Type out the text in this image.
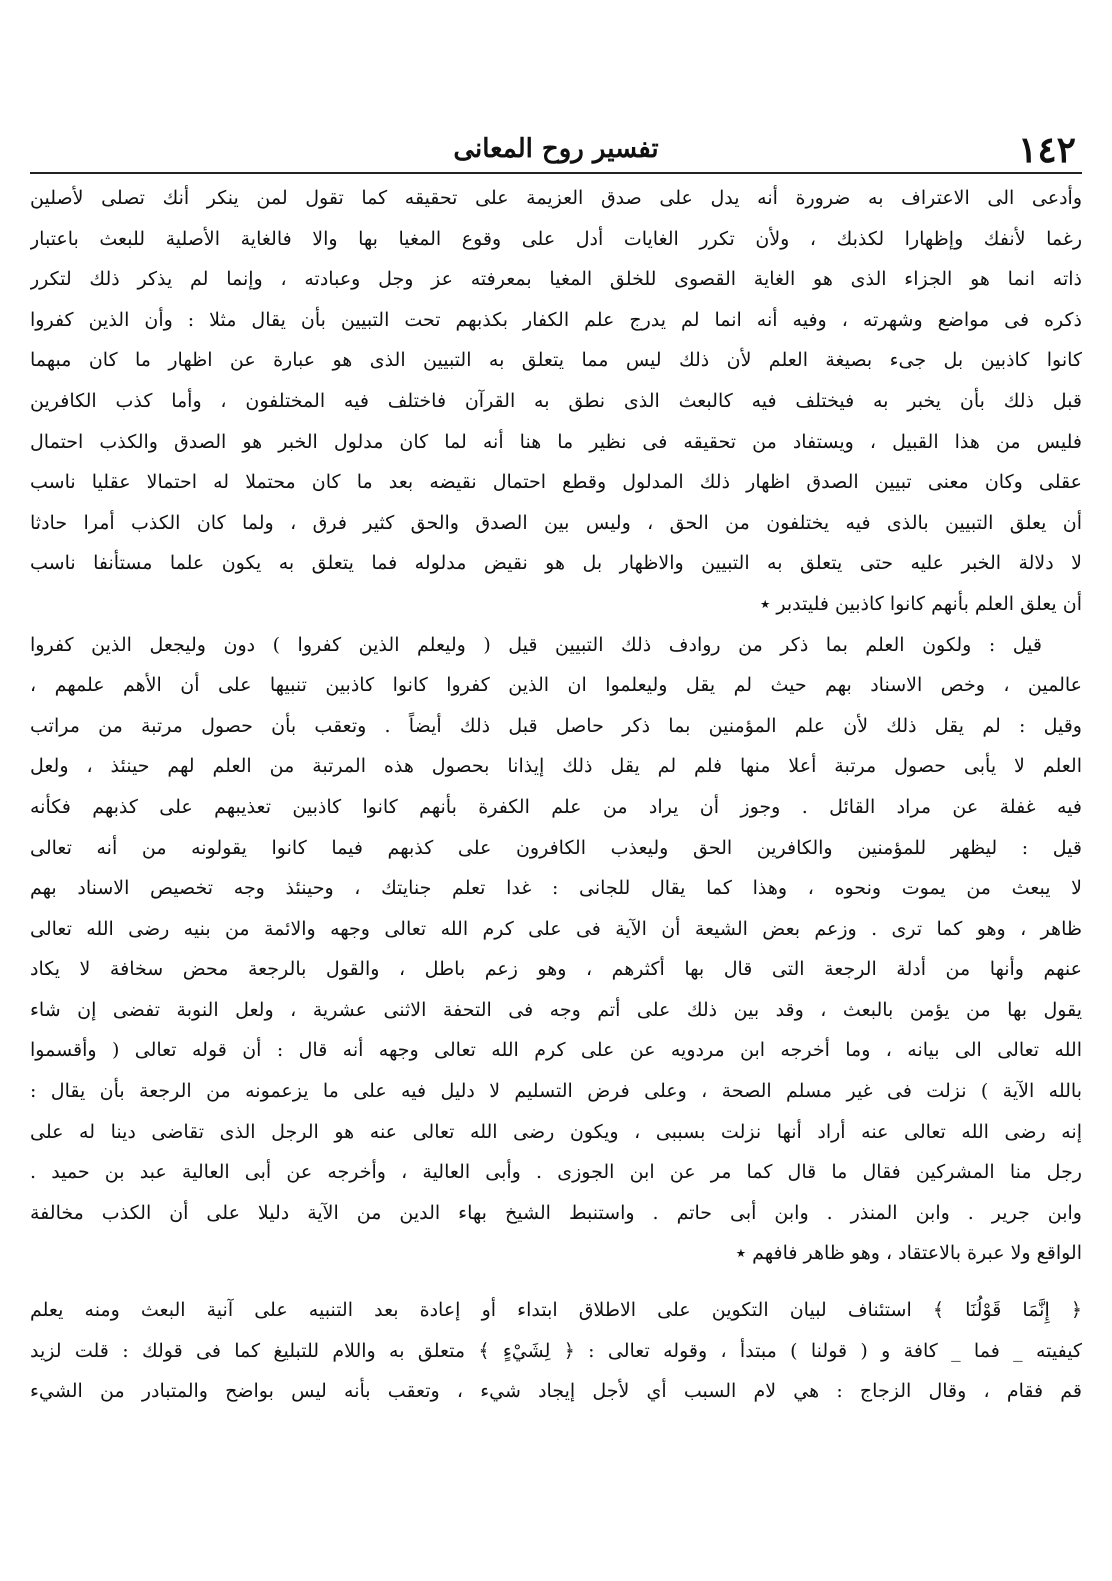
١٤٢
تفسير روح المعانى
وأدعى الى الاعتراف به ضرورة أنه يدل على صدق العزيمة على تحقيقه كما تقول لمن ينكر أنك تصلى لأصلين
رغما لأنفك وإظهارا لكذبك ، ولأن تكرر الغايات أدل على وقوع المغيا بها والا فالغاية الأصلية للبعث باعتبار
ذاته انما هو الجزاء الذى هو الغاية القصوى للخلق المغيا بمعرفته عز وجل وعبادته ، وإنما لم يذكر ذلك لتكرر
ذكره فى مواضع وشهرته ، وفيه أنه انما لم يدرج علم الكفار بكذبهم تحت التبيين بأن يقال مثلا : وأن الذين كفروا
كانوا كاذبين بل جىء بصيغة العلم لأن ذلك ليس مما يتعلق به التبيين الذى هو عبارة عن اظهار ما كان مبهما
قبل ذلك بأن يخبر به فيختلف فيه كالبعث الذى نطق به القرآن فاختلف فيه المختلفون ، وأما كذب الكافرين
فليس من هذا القبيل ، ويستفاد من تحقيقه فى نظير ما هنا أنه لما كان مدلول الخبر هو الصدق والكذب احتمال
عقلى وكان معنى تبيين الصدق اظهار ذلك المدلول وقطع احتمال نقيضه بعد ما كان محتملا له احتمالا عقليا ناسب
أن يعلق التبيين بالذى فيه يختلفون من الحق ، وليس بين الصدق والحق كثير فرق ، ولما كان الكذب أمرا حادثا
لا دلالة الخبر عليه حتى يتعلق به التبيين والاظهار بل هو نقيض مدلوله فما يتعلق به يكون علما مستأنفا ناسب
أن يعلق العلم بأنهم كانوا كاذبين فليتدبر ٭
قيل : ولكون العلم بما ذكر من روادف ذلك التبيين قيل ( وليعلم الذين كفروا ) دون وليجعل الذين كفروا
عالمين ، وخص الاسناد بهم حيث لم يقل وليعلموا ان الذين كفروا كانوا كاذبين تنبيها على أن الأهم علمهم ،
وقيل : لم يقل ذلك لأن علم المؤمنين بما ذكر حاصل قبل ذلك أيضاً . وتعقب بأن حصول مرتبة من مراتب
العلم لا يأبى حصول مرتبة أعلا منها فلم لم يقل ذلك إيذانا بحصول هذه المرتبة من العلم لهم حينئذ ، ولعل
فيه غفلة عن مراد القائل . وجوز أن يراد من علم الكفرة بأنهم كانوا كاذبين تعذيبهم على كذبهم فكأنه
قيل : ليظهر للمؤمنين والكافرين الحق وليعذب الكافرون على كذبهم فيما كانوا يقولونه من أنه تعالى
لا يبعث من يموت ونحوه ، وهذا كما يقال للجانى : غدا تعلم جنايتك ، وحينئذ وجه تخصيص الاسناد بهم
ظاهر ، وهو كما ترى . وزعم بعض الشيعة أن الآية فى على كرم الله تعالى وجهه والائمة من بنيه رضى الله تعالى
عنهم وأنها من أدلة الرجعة التى قال بها أكثرهم ، وهو زعم باطل ، والقول بالرجعة محض سخافة لا يكاد
يقول بها من يؤمن بالبعث ، وقد بين ذلك على أتم وجه فى التحفة الاثنى عشرية ، ولعل النوبة تفضى إن شاء
الله تعالى الى بيانه ، وما أخرجه ابن مردويه عن على كرم الله تعالى وجهه أنه قال : أن قوله تعالى ( وأقسموا
بالله الآية ) نزلت فى غير مسلم الصحة ، وعلى فرض التسليم لا دليل فيه على ما يزعمونه من الرجعة بأن يقال :
إنه رضى الله تعالى عنه أراد أنها نزلت بسببى ، ويكون رضى الله تعالى عنه هو الرجل الذى تقاضى دينا له على
رجل منا المشركين فقال ما قال كما مر عن ابن الجوزى . وأبى العالية ، وأخرجه عن أبى العالية عبد بن حميد .
وابن جرير . وابن المنذر . وابن أبى حاتم . واستنبط الشيخ بهاء الدين من الآية دليلا على أن الكذب مخالفة
الواقع ولا عبرة بالاعتقاد ، وهو ظاهر فافهم ٭
﴿ إِنَّمَا قَوْلُنَا ﴾ استئناف لبيان التكوين على الاطلاق ابتداء أو إعادة بعد التنبيه على آنية البعث ومنه يعلم
كيفيته _ فما _ كافة و ( قولنا ) مبتدأ ، وقوله تعالى : ﴿ لِشَيْءٍ ﴾ متعلق به واللام للتبليغ كما فى قولك : قلت لزيد
قم فقام ، وقال الزجاج : هي لام السبب أي لأجل إيجاد شيء ، وتعقب بأنه ليس بواضح والمتبادر من الشيء
